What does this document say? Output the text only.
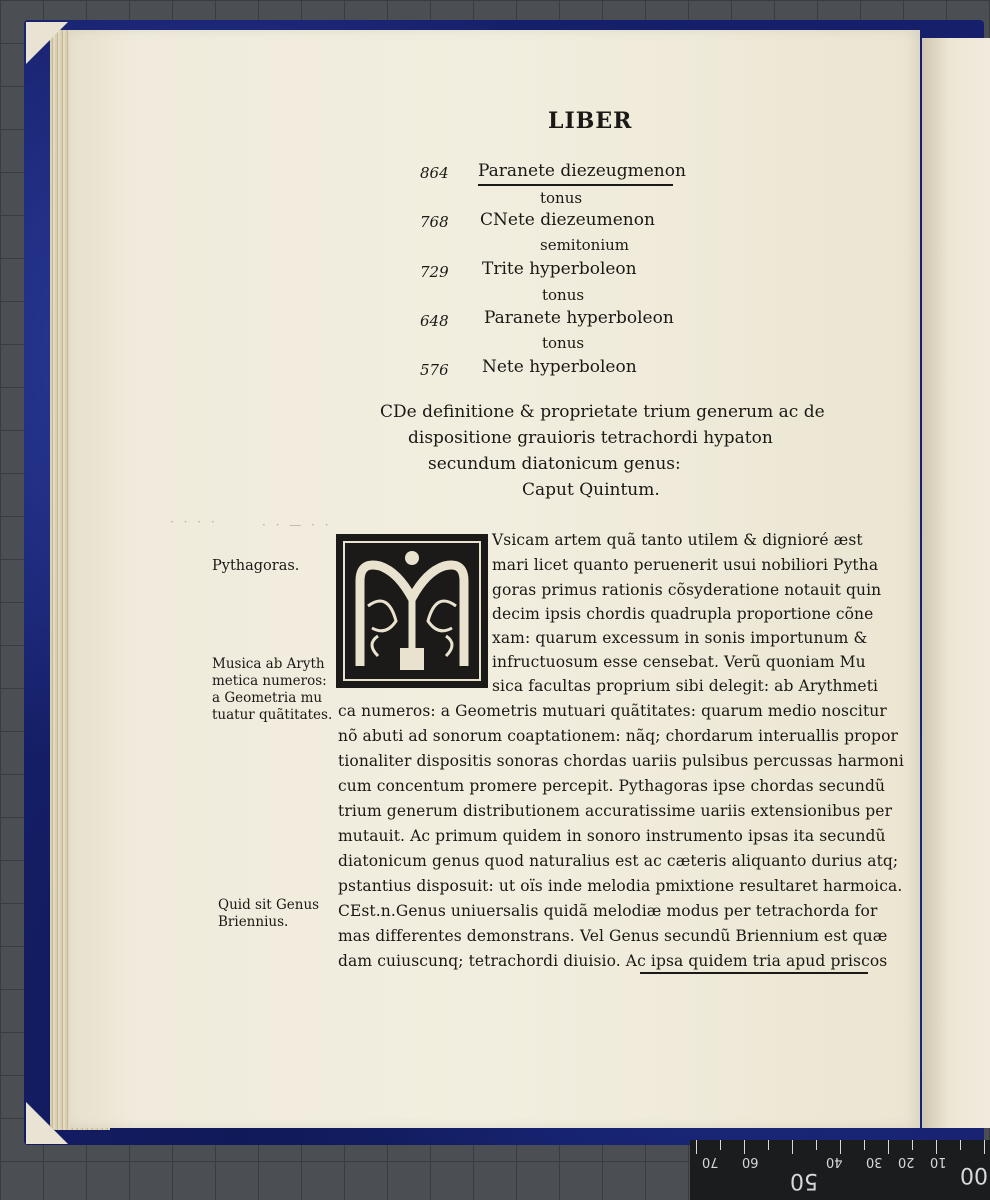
LIBER
864 Paranete diezeugmenon
tonus
768 CNete diezeumenon
semitonium
729 Trite hyperboleon
tonus
648 Paranete hyperboleon
tonus
576 Nete hyperboleon
CDe definitione & proprietate trium generum ac de
dispositione grauioris tetrachordi hypaton
secundum diatonicum genus:
Caput Quintum.
· · · ·	· · — · ·
Vsicam artem quã tanto utilem & dignioré æst
mari licet quanto peruenerit usui nobiliori Pytha
goras primus rationis cõsyderatione notauit quin
decim ipsis chordis quadrupla proportione cõne
xam: quarum excessum in sonis importunum &
infructuosum esse censebat. Verũ quoniam Mu
sica facultas proprium sibi delegit: ab Arythmeti
ca numeros: a Geometris mutuari quãtitates: quarum medio noscitur
nõ abuti ad sonorum coaptationem: nãq; chordarum interuallis propor
tionaliter dispositis sonoras chordas uariis pulsibus percussas harmoni
cum concentum promere percepit. Pythagoras ipse chordas secundũ
trium generum distributionem accuratissime uariis extensionibus per
mutauit. Ac primum quidem in sonoro instrumento ipsas ita secundũ
diatonicum genus quod naturalius est ac cæteris aliquanto durius atq;
pstantius disposuit: ut oïs inde melodia pmixtione resultaret harmoica.
CEst.n.Genus uniuersalis quidã melodiæ modus per tetrachorda for
mas differentes demonstrans. Vel Genus secundũ Briennium est quæ
dam cuiuscunq; tetrachordi diuisio. Ac ipsa quidem tria apud priscos
Pythagoras.
Musica ab Aryth
metica numeros:
a Geometria mu
tuatur quãtitates.
Quid sit Genus
Briennius.
70 60
50
40 30 20 10
00
